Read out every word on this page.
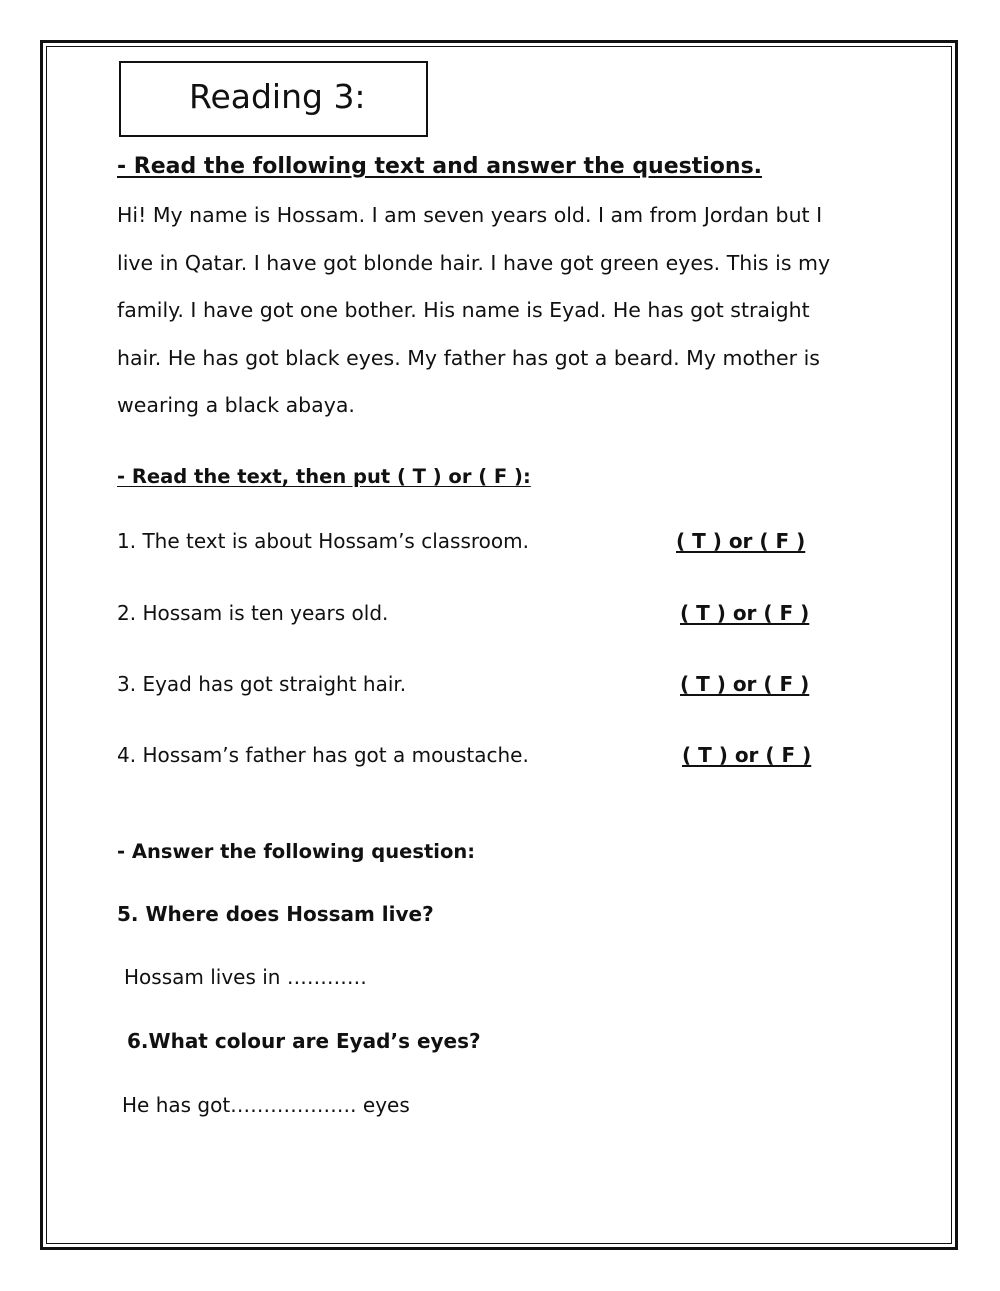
Reading 3:
- Read the following text and answer the questions.
Hi! My name is Hossam. I am seven years old. I am from Jordan but I
live in Qatar. I have got blonde hair. I have got green eyes. This is my
family. I have got one bother. His name is Eyad. He has got straight
hair. He has got black eyes. My father has got a beard. My mother is
wearing a black abaya.
- Read the text, then put ( T ) or ( F ):
1. The text is about Hossam’s classroom.	( T ) or ( F )
2. Hossam is ten years old.	( T ) or ( F )
3. Eyad has got straight hair.	( T ) or ( F )
4. Hossam’s father has got a moustache.	( T ) or ( F )
- Answer the following question:
5. Where does Hossam live?
Hossam lives in …………
6.What colour are Eyad’s eyes?
He has got………………. eyes
